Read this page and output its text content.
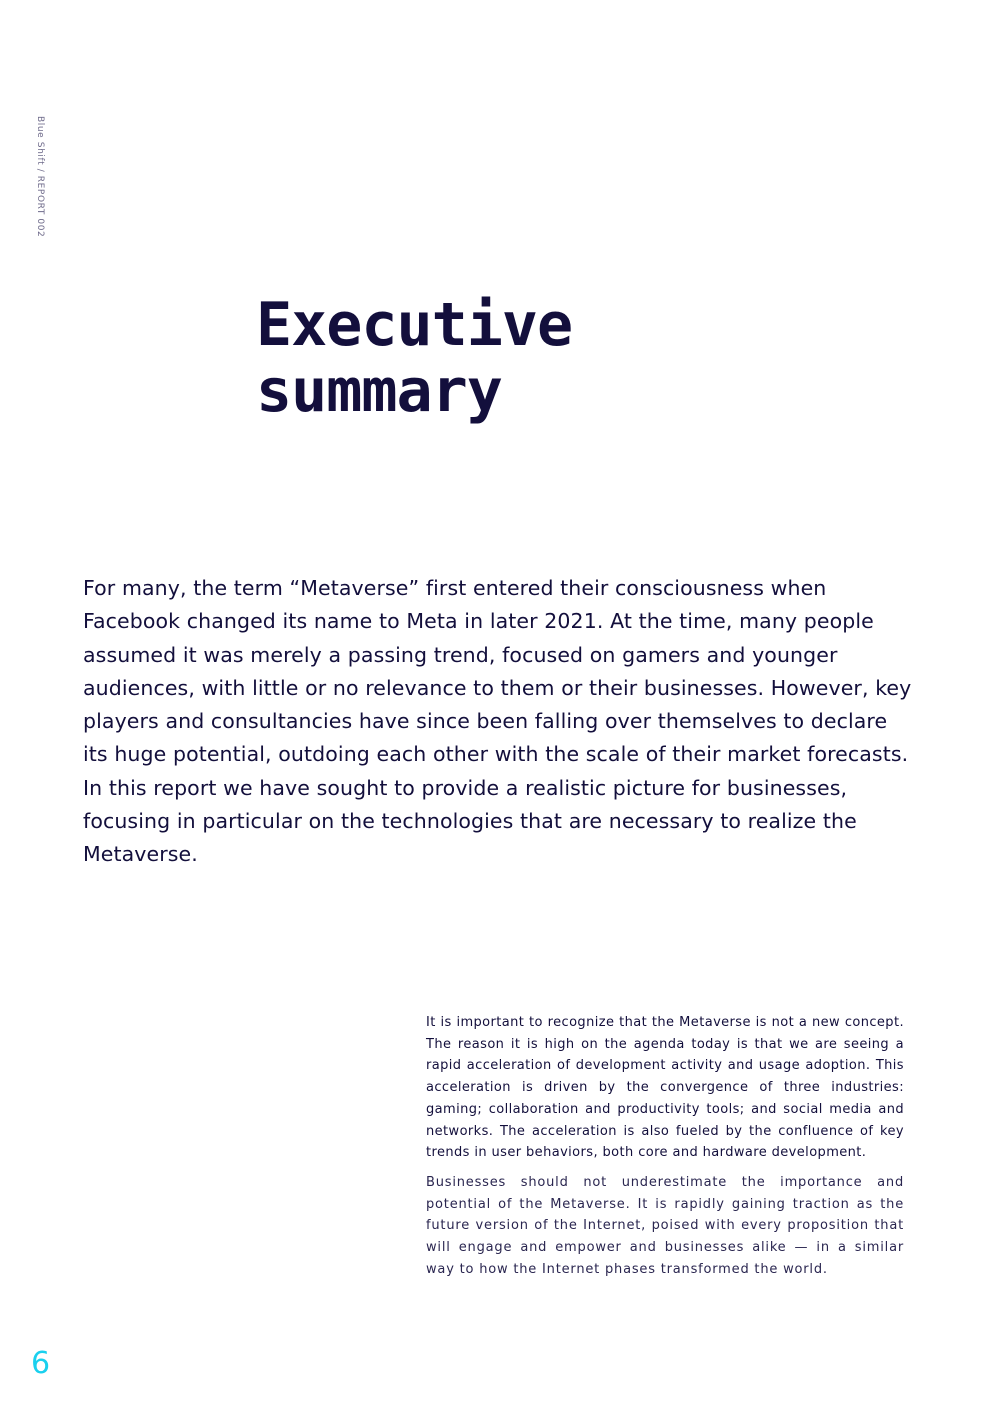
Blue Shift / REPORT 002
Executive
summary

For many, the term “Metaverse” first entered their consciousness when Facebook changed its name to Meta in later 2021. At the time, many people assumed it was merely a passing trend, focused on gamers and younger audiences, with little or no relevance to them or their businesses. However, key players and consultancies have since been falling over themselves to declare its huge potential, outdoing each other with the scale of their market forecasts. In this report we have sought to provide a realistic picture for businesses, focusing in particular on the technologies that are necessary to realize the Metaverse.

It is important to recognize that the Metaverse is not a new concept. The reason it is high on the agenda today is that we are seeing a rapid acceleration of development activity and usage adoption. This acceleration is driven by the convergence of three industries: gaming; collaboration and productivity tools; and social media and networks. The acceleration is also fueled by the confluence of key trends in user behaviors, both core and hardware development.

Businesses should not underestimate the importance and potential of the Metaverse. It is rapidly gaining traction as the future version of the Internet, poised with every proposition that will engage and empower and businesses alike — in a similar way to how the Internet phases transformed the world.

6
